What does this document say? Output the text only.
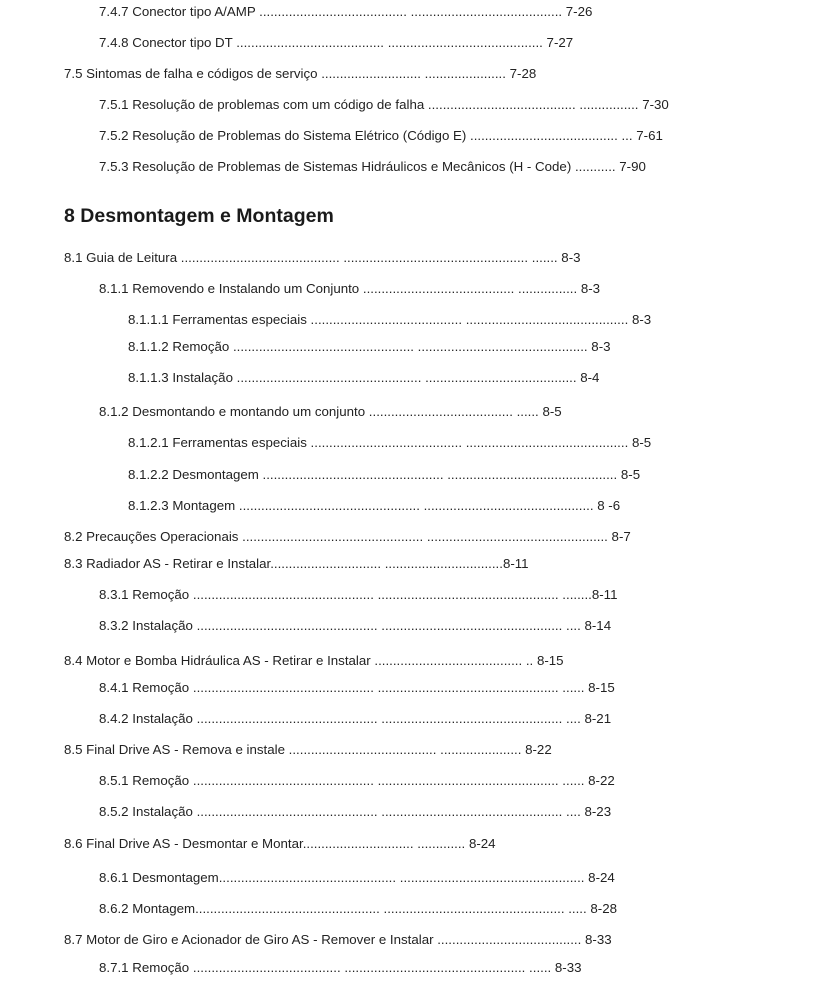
7.4.7 Conector tipo A/AMP ........................................ ......................................... 7-26
7.4.8 Conector tipo DT ........................................ .......................................... 7-27
7.5 Sintomas de falha e códigos de serviço ........................... ...................... 7-28
7.5.1 Resolução de problemas com um código de falha ........................................ ................ 7-30
7.5.2 Resolução de Problemas do Sistema Elétrico (Código E) ........................................ ... 7-61
7.5.3 Resolução de Problemas de Sistemas Hidráulicos e Mecânicos (H - Code) ........... 7-90
8 Desmontagem e Montagem
8.1 Guia de Leitura ........................................... .................................................. ....... 8-3
8.1.1 Removendo e Instalando um Conjunto ......................................... ................ 8-3
8.1.1.1 Ferramentas especiais ......................................... ............................................ 8-3
8.1.1.2 Remoção ................................................. .............................................. 8-3
8.1.1.3 Instalação .................................................. ......................................... 8-4
8.1.2 Desmontando e montando um conjunto ....................................... ...... 8-5
8.1.2.1 Ferramentas especiais ......................................... ............................................ 8-5
8.1.2.2 Desmontagem ................................................. .............................................. 8-5
8.1.2.3 Montagem ................................................. .............................................. 8 -6
8.2 Precauções Operacionais ................................................. ................................................. 8-7
8.3 Radiador AS - Retirar e Instalar.............................. ................................8-11
8.3.1 Remoção ................................................. ................................................. ........8-11
8.3.2 Instalação ................................................. ................................................. .... 8-14
8.4 Motor e Bomba Hidráulica AS - Retirar e Instalar ........................................ .. 8-15
8.4.1 Remoção ................................................. ................................................. ...... 8-15
8.4.2 Instalação ................................................. ................................................. .... 8-21
8.5 Final Drive AS - Remova e instale ........................................ ...................... 8-22
8.5.1 Remoção ................................................. ................................................. ...... 8-22
8.5.2 Instalação ................................................. ................................................. .... 8-23
8.6 Final Drive AS - Desmontar e Montar.............................. ............. 8-24
8.6.1 Desmontagem................................................ .................................................. 8-24
8.6.2 Montagem.................................................. ................................................. ..... 8-28
8.7 Motor de Giro e Acionador de Giro AS - Remover e Instalar ....................................... 8-33
8.7.1 Remoção ........................................ ................................................. ...... 8-33
